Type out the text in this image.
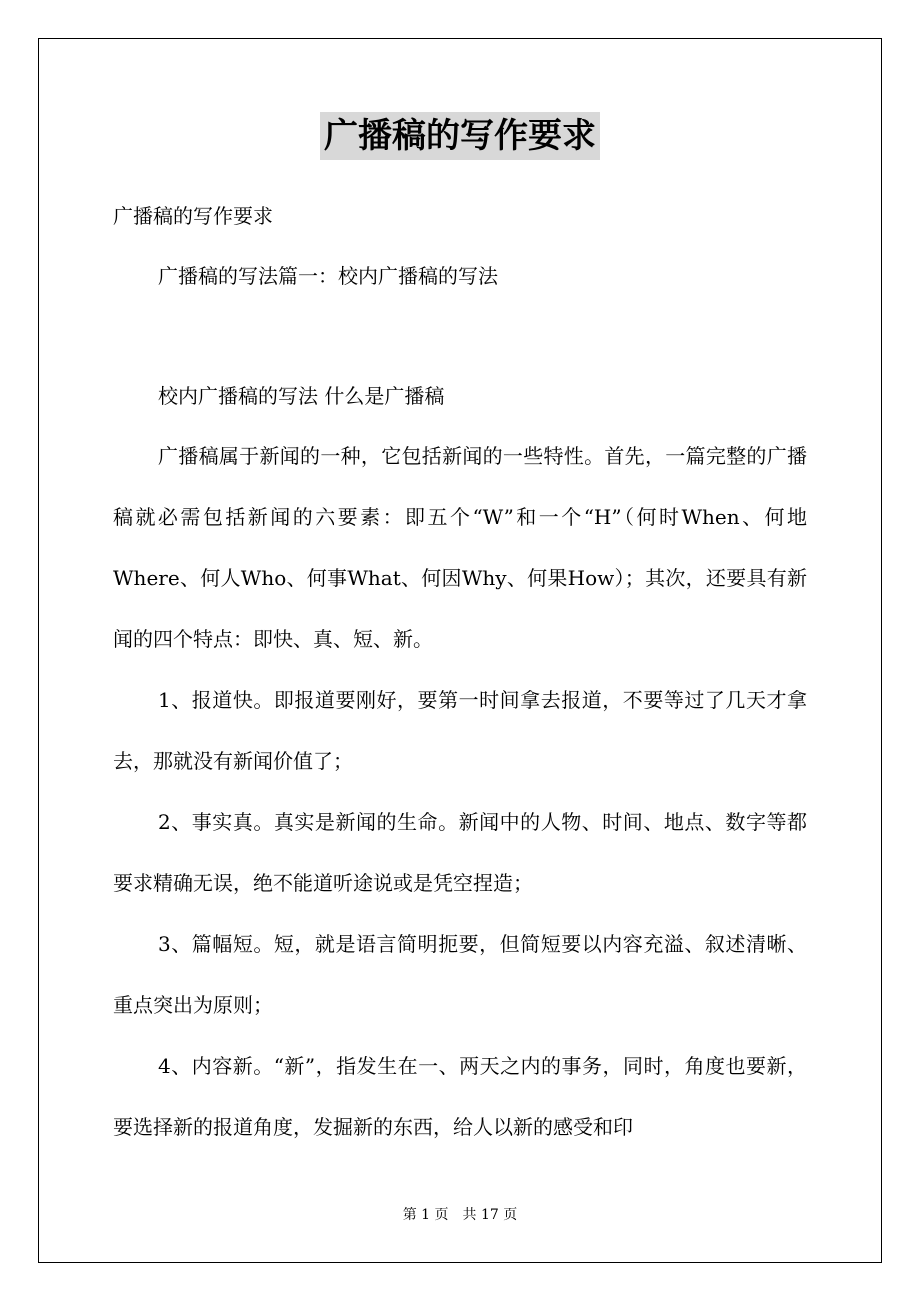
广播稿的写作要求
广播稿的写作要求
广播稿的写法篇一：校内广播稿的写法
校内广播稿的写法 什么是广播稿

广播稿属于新闻的一种，它包括新闻的一些特性。首先，一篇完整的广播稿就必需包括新闻的六要素：即五个“W”和一个“H”（何时When、何地Where、何人Who、何事What、何因Why、何果How）；其次，还要具有新闻的四个特点：即快、真、短、新。

1、报道快。即报道要刚好，要第一时间拿去报道，不要等过了几天才拿去，那就没有新闻价值了；

2、事实真。真实是新闻的生命。新闻中的人物、时间、地点、数字等都要求精确无误，绝不能道听途说或是凭空捏造；

3、篇幅短。短，就是语言简明扼要，但简短要以内容充溢、叙述清晰、重点突出为原则；

4、内容新。“新”，指发生在一、两天之内的事务，同时，角度也要新，要选择新的报道角度，发掘新的东西，给人以新的感受和印

第 1 页　共 17 页
